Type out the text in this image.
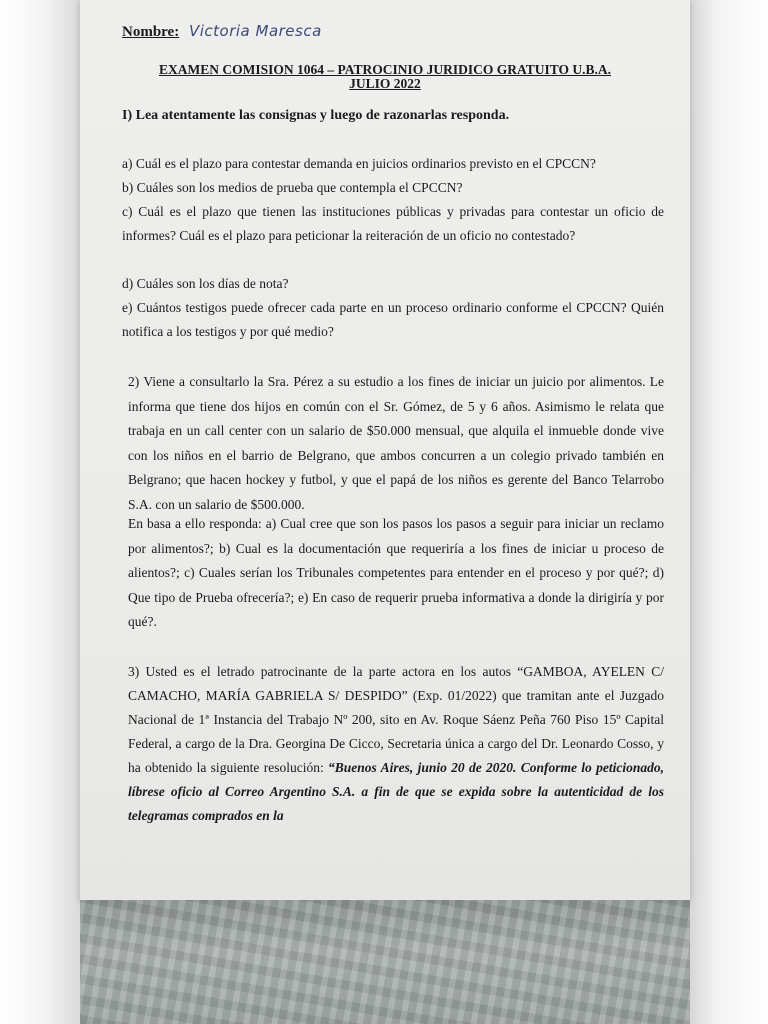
Nombre: Victoria Maresca
EXAMEN COMISION 1064 – PATROCINIO JURIDICO GRATUITO U.B.A.
JULIO 2022
I) Lea atentamente las consignas y luego de razonarlas responda.
a) Cuál es el plazo para contestar demanda en juicios ordinarios previsto en el CPCCN?
b) Cuáles son los medios de prueba que contempla el CPCCN?
c) Cuál es el plazo que tienen las instituciones públicas y privadas para contestar un oficio de informes? Cuál es el plazo para peticionar la reiteración de un oficio no contestado?
d) Cuáles son los días de nota?
e) Cuántos testigos puede ofrecer cada parte en un proceso ordinario conforme el CPCCN? Quién notifica a los testigos y por qué medio?
2) Viene a consultarlo la Sra. Pérez a su estudio a los fines de iniciar un juicio por alimentos. Le informa que tiene dos hijos en común con el Sr. Gómez, de 5 y 6 años. Asimismo le relata que trabaja en un call center con un salario de $50.000 mensual, que alquila el inmueble donde vive con los niños en el barrio de Belgrano, que ambos concurren a un colegio privado también en Belgrano; que hacen hockey y futbol, y que el papá de los niños es gerente del Banco Telarrobo S.A. con un salario de $500.000.
En basa a ello responda: a) Cual cree que son los pasos los pasos a seguir para iniciar un reclamo por alimentos?; b) Cual es la documentación que requeriría a los fines de iniciar u proceso de alientos?; c) Cuales serían los Tribunales competentes para entender en el proceso y por qué?; d) Que tipo de Prueba ofrecería?; e) En caso de requerir prueba informativa a donde la dirigiría y por qué?.
3) Usted es el letrado patrocinante de la parte actora en los autos “GAMBOA, AYELEN C/ CAMACHO, MARÍA GABRIELA S/ DESPIDO” (Exp. 01/2022) que tramitan ante el Juzgado Nacional de 1ª Instancia del Trabajo Nº 200, sito en Av. Roque Sáenz Peña 760 Piso 15º Capital Federal, a cargo de la Dra. Georgina De Cicco, Secretaria única a cargo del Dr. Leonardo Cosso, y ha obtenido la siguiente resolución: “Buenos Aires, junio 20 de 2020. Conforme lo peticionado, líbrese oficio al Correo Argentino S.A. a fin de que se expida sobre la autenticidad de los telegramas comprados en la
